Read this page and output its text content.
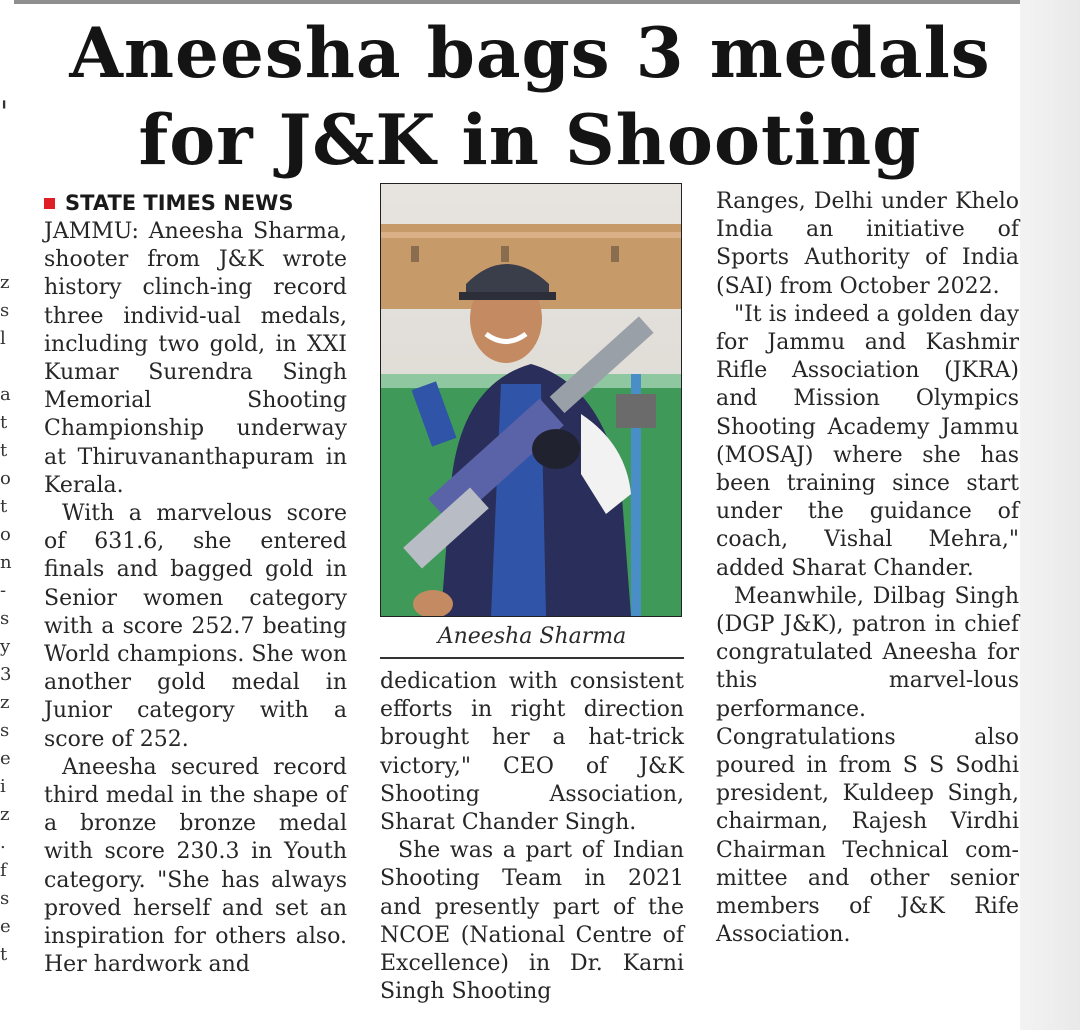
'
z
s
l
a
t
t
o
t
o
n
-
s
y
3
z
s
e
i
z
.
f
s
e
t
Aneesha bags 3 medals
for J&K in Shooting
STATE TIMES NEWS

JAMMU: Aneesha Sharma, shooter from J&K wrote history clinch-ing record three individ-ual medals, including two gold, in XXI Kumar Surendra Singh Memorial Shooting Championship underway at Thiruvananthapuram in Kerala.

With a marvelous score of 631.6, she entered finals and bagged gold in Senior women category with a score 252.7 beating World champions. She won another gold medal in Junior category with a score of 252.

Aneesha secured record third medal in the shape of a bronze bronze medal with score 230.3 in Youth category. "She has always proved herself and set an inspiration for others also. Her hardwork and

Aneesha Sharma

dedication with consistent efforts in right direction brought her a hat-trick victory," CEO of J&K Shooting Association, Sharat Chander Singh.

She was a part of Indian Shooting Team in 2021 and presently part of the NCOE (National Centre of Excellence) in Dr. Karni Singh Shooting

Ranges, Delhi under Khelo India an initiative of Sports Authority of India (SAI) from October 2022.

"It is indeed a golden day for Jammu and Kashmir Rifle Association (JKRA) and Mission Olympics Shooting Academy Jammu (MOSAJ) where she has been training since start under the guidance of coach, Vishal Mehra," added Sharat Chander.

Meanwhile, Dilbag Singh (DGP J&K), patron in chief congratulated Aneesha for this marvel-lous performance. Congratulations also poured in from S S Sodhi president, Kuldeep Singh, chairman, Rajesh Virdhi Chairman Technical com-mittee and other senior members of J&K Rife Association.
